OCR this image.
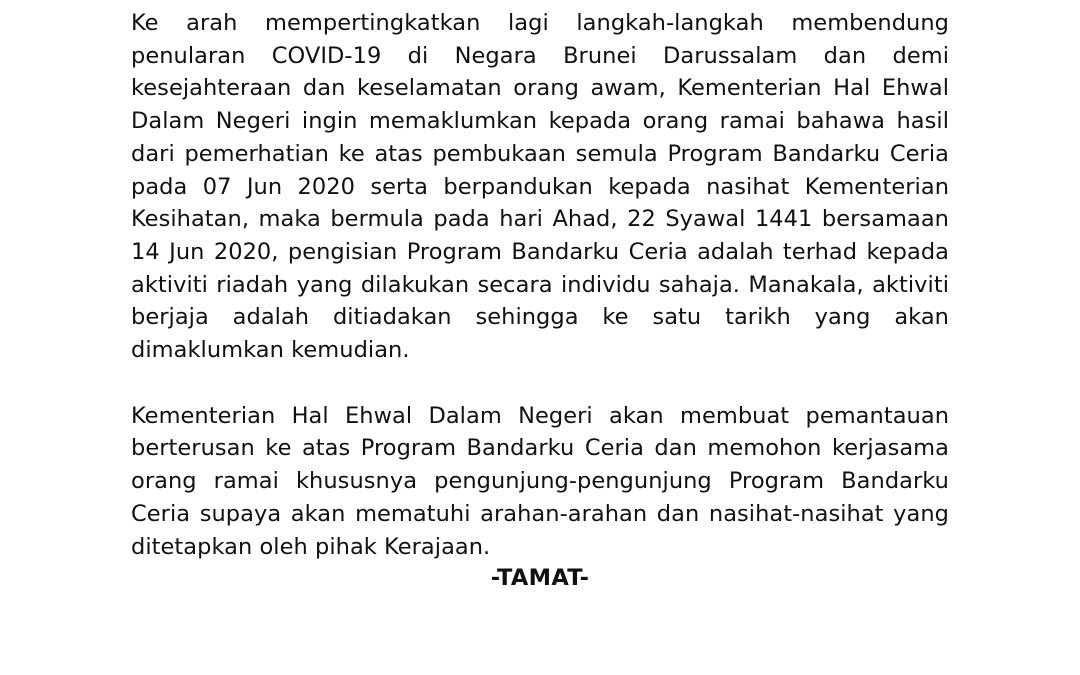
Ke arah mempertingkatkan lagi langkah-langkah membendung penularan COVID-19 di Negara Brunei Darussalam dan demi kesejahteraan dan keselamatan orang awam, Kementerian Hal Ehwal Dalam Negeri ingin memaklumkan kepada orang ramai bahawa hasil dari pemerhatian ke atas pembukaan semula Program Bandarku Ceria pada 07 Jun 2020 serta berpandukan kepada nasihat Kementerian Kesihatan, maka bermula pada hari Ahad, 22 Syawal 1441 bersamaan 14 Jun 2020, pengisian Program Bandarku Ceria adalah terhad kepada aktiviti riadah yang dilakukan secara individu sahaja. Manakala, aktiviti berjaja adalah ditiadakan sehingga ke satu tarikh yang akan dimaklumkan kemudian.

Kementerian Hal Ehwal Dalam Negeri akan membuat pemantauan berterusan ke atas Program Bandarku Ceria dan memohon kerjasama orang ramai khususnya pengunjung-pengunjung Program Bandarku Ceria supaya akan mematuhi arahan-arahan dan nasihat-nasihat yang ditetapkan oleh pihak Kerajaan.

-TAMAT-
